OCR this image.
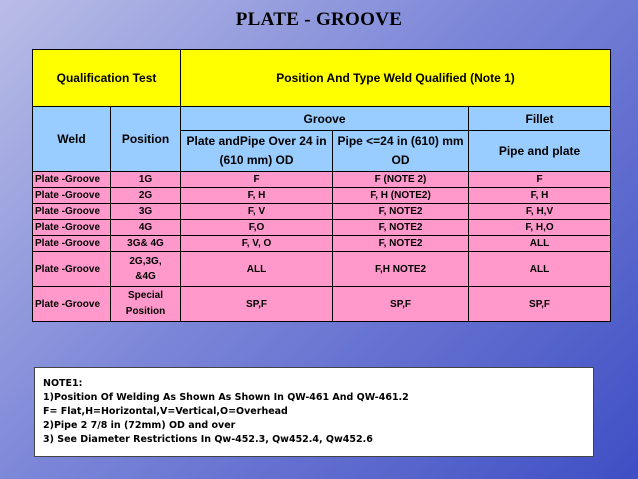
PLATE - GROOVE
Qualification Test		Position And Type Weld Qualified (Note 1)		
Weld	Position	Groove		Fillet
		Plate andPipe Over 24 in (610 mm) OD	Pipe <=24 in (610) mm OD	Pipe and plate
Plate -Groove	1G	F	F (NOTE 2)	F
Plate -Groove	2G	F, H	F, H (NOTE2)	F, H
Plate -Groove	3G	F, V	F, NOTE2	F, H,V
Plate -Groove	4G	F,O	F, NOTE2	F, H,O
Plate -Groove	3G& 4G	F, V, O	F, NOTE2	ALL
Plate -Groove	2G,3G, &4G	ALL	F,H NOTE2	ALL
Plate -Groove	Special Position	SP,F	SP,F	SP,F
NOTE1:
1)Position Of Welding As Shown As Shown In QW-461 And QW-461.2
F= Flat,H=Horizontal,V=Vertical,O=Overhead
2)Pipe 2 7/8 in (72mm) OD and over
3) See Diameter Restrictions In Qw-452.3, Qw452.4, Qw452.6
